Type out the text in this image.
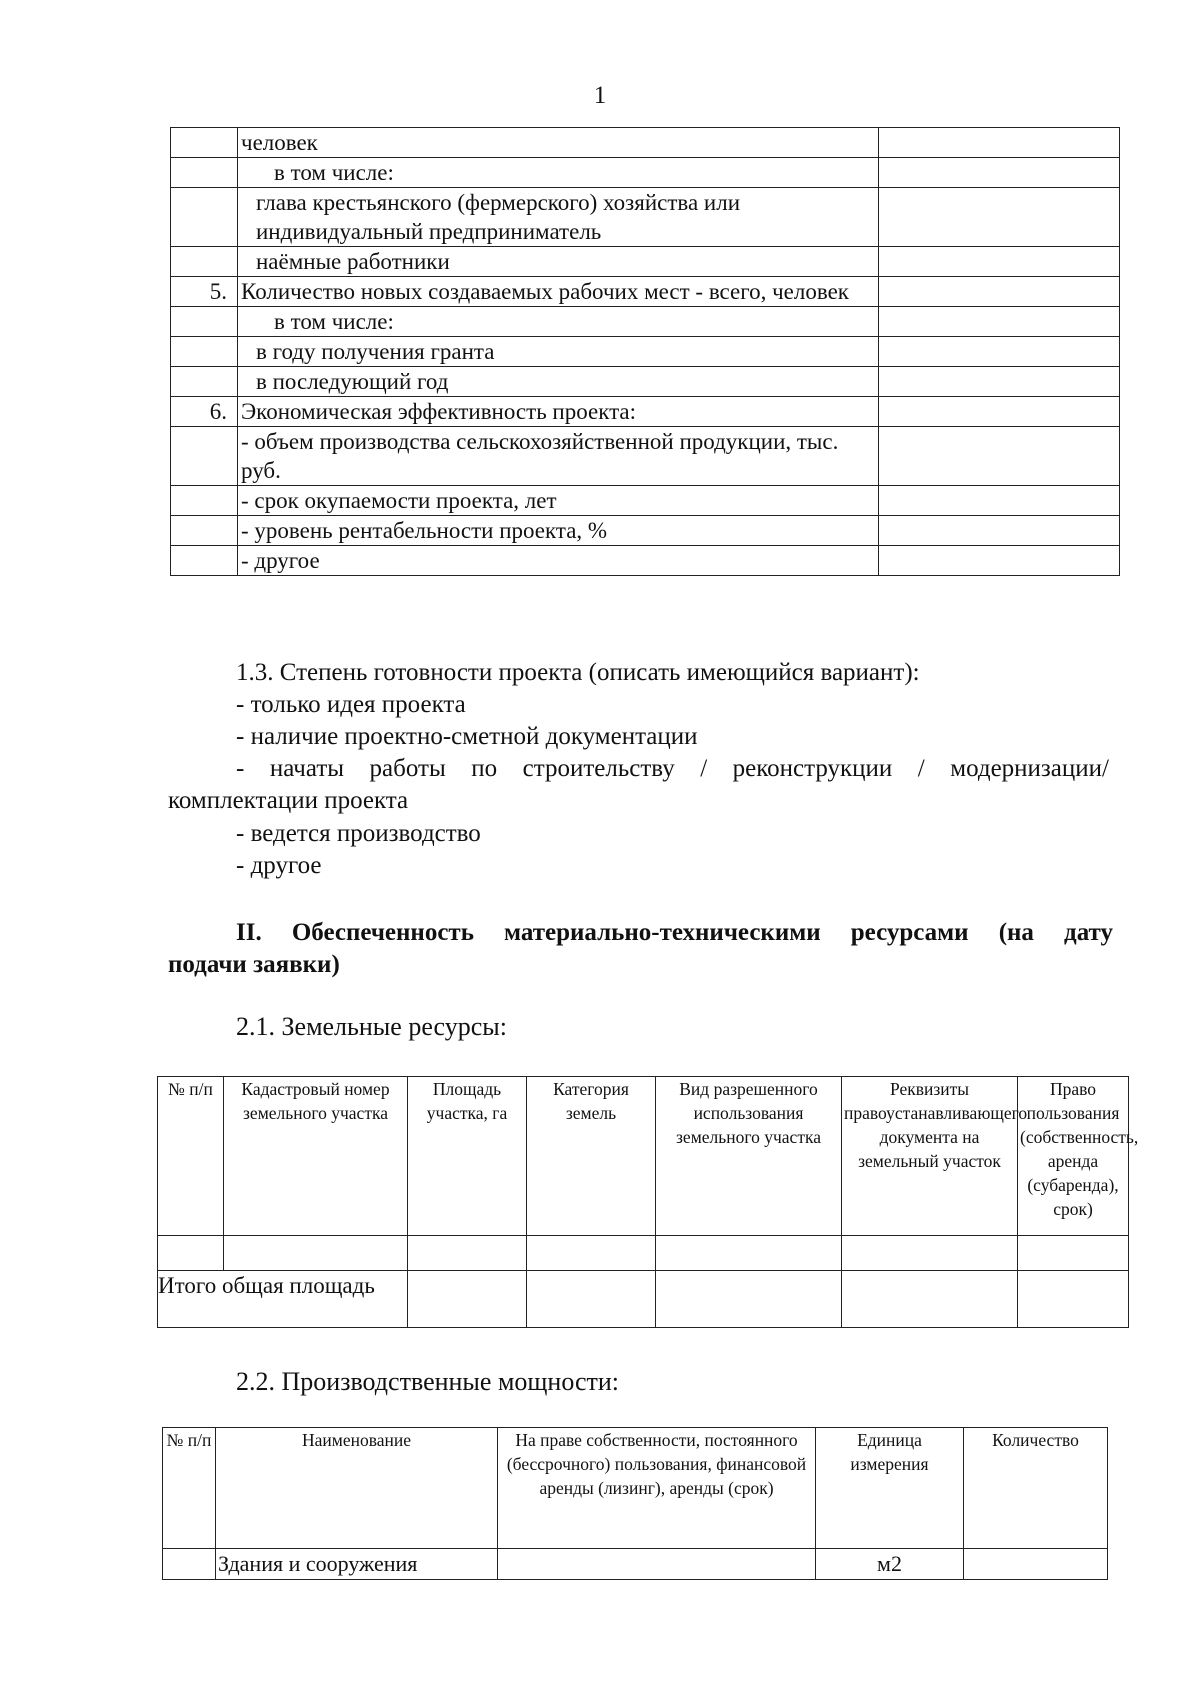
1
	человек	
	в том числе:	
	глава крестьянского (фермерского) хозяйства или индивидуальный предприниматель	
	наёмные работники	
5.	Количество новых создаваемых рабочих мест - всего, человек	
	в том числе:	
	в году получения гранта	
	в последующий год	
6.	Экономическая эффективность проекта:	
	- объем производства сельскохозяйственной продукции, тыс. руб.	
	- срок окупаемости проекта, лет	
	- уровень рентабельности проекта, %	
	- другое	
1.3. Степень готовности проекта (описать имеющийся вариант):
- только идея проекта
- наличие проектно-сметной документации
- начаты работы по строительству / реконструкции / модернизации/
комплектации проекта
- ведется производство
- другое
II. Обеспеченность материально-техническими ресурсами (на дату
подачи заявки)
2.1. Земельные ресурсы:
№ п/п	Кадастровый номер земельного участка	Площадь участка, га	Категория земель	Вид разрешенного использования земельного участка	Реквизиты правоустанавливающего документа на земельный участок	Право пользования (собственность, аренда (субаренда), срок)

Итого общая площадь						
2.2. Производственные мощности:
№ п/п	Наименование	На праве собственности, постоянного (бессрочного) пользования, финансовой аренды (лизинг), аренды (срок)	Единица измерения	Количество
	Здания и сооружения		м2	
